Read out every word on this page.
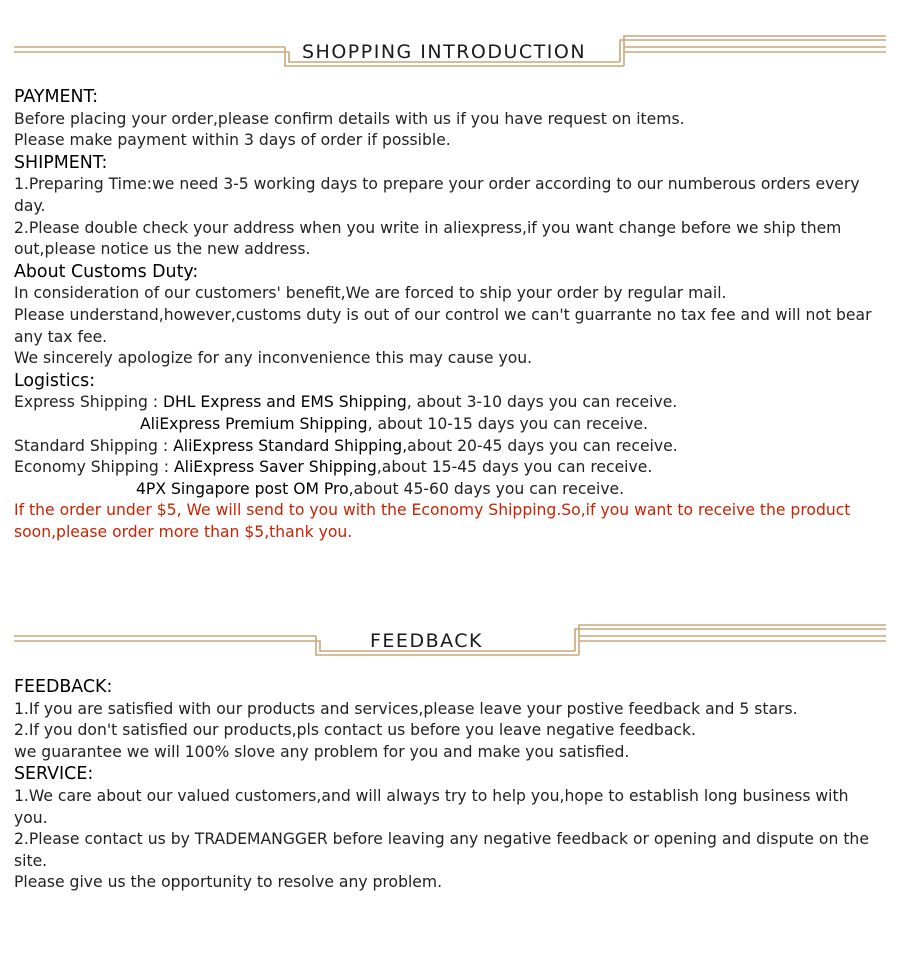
SHOPPING INTRODUCTION

PAYMENT:

Before placing your order,please confirm details with us if you have request on items.

Please make payment within 3 days of order if possible.

SHIPMENT:

1.Preparing Time:we need 3-5 working days to prepare your order according to our numberous orders every day.

2.Please double check your address when you write in aliexpress,if you want change before we ship them out,please notice us the new address.

About Customs Duty:

In consideration of our customers' benefit,We are forced to ship your order by regular mail.

Please understand,however,customs duty is out of our control we can't guarrante no tax fee and will not bear any tax fee.

We sincerely apologize for any inconvenience this may cause you.

Logistics:

Express Shipping : DHL Express and EMS Shipping, about 3-10 days you can receive.

AliExpress Premium Shipping, about 10-15 days you can receive.

Standard Shipping : AliExpress Standard Shipping,about 20-45 days you can receive.

Economy Shipping : AliExpress Saver Shipping,about 15-45 days you can receive.

4PX Singapore post OM Pro,about 45-60 days you can receive.

If the order under $5, We will send to you with the Economy Shipping.So,if you want to receive the product soon,please order more than $5,thank you.

FEEDBACK

FEEDBACK:

1.If you are satisfied with our products and services,please leave your postive feedback and 5 stars.

2.If you don't satisfied our products,pls contact us before you leave negative feedback.

we guarantee we will 100% slove any problem for you and make you satisfied.

SERVICE:

1.We care about our valued customers,and will always try to help you,hope to establish long business with you.

2.Please contact us by TRADEMANGGER before leaving any negative feedback or opening and dispute on the site.

Please give us the opportunity to resolve any problem.
